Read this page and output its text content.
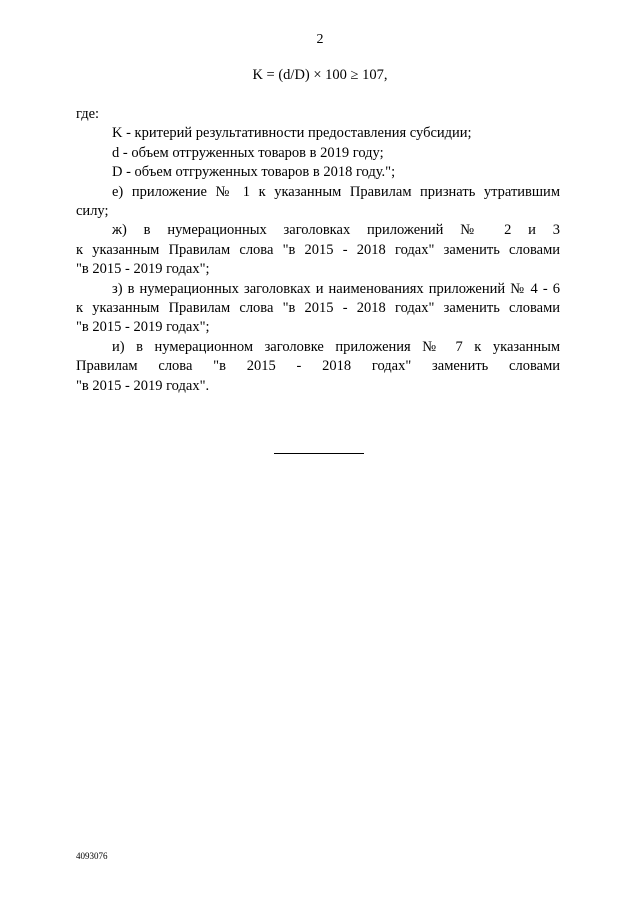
2
K = (d/D) × 100 ≥ 107,
где:
K - критерий результативности предоставления субсидии;
d - объем отгруженных товаров в 2019 году;
D - объем отгруженных товаров в 2018 году.";
е) приложение № 1 к указанным Правилам признать утратившим
силу;
ж) в нумерационных заголовках приложений № 2 и 3
к указанным Правилам слова "в 2015 - 2018 годах" заменить словами
"в 2015 - 2019 годах";
з) в нумерационных заголовках и наименованиях приложений № 4 - 6
к указанным Правилам слова "в 2015 - 2018 годах" заменить словами
"в 2015 - 2019 годах";
и) в нумерационном заголовке приложения № 7 к указанным
Правилам слова "в 2015 - 2018 годах" заменить словами
"в 2015 - 2019 годах".
4093076
